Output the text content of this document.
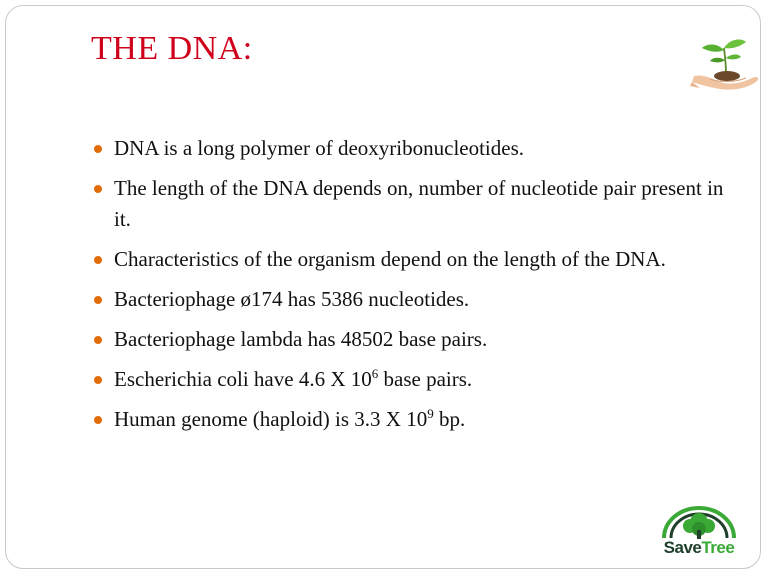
THE DNA:
DNA is a long polymer of deoxyribonucleotides.
The length of the DNA depends on, number of nucleotide pair present in it.
Characteristics of the organism depend on the length of the DNA.
Bacteriophage ø174 has 5386 nucleotides.
Bacteriophage lambda has 48502 base pairs.
Escherichia coli have 4.6 X $10^6$ base pairs.
Human genome (haploid) is 3.3 X $10^9$ bp.
SaveTree
